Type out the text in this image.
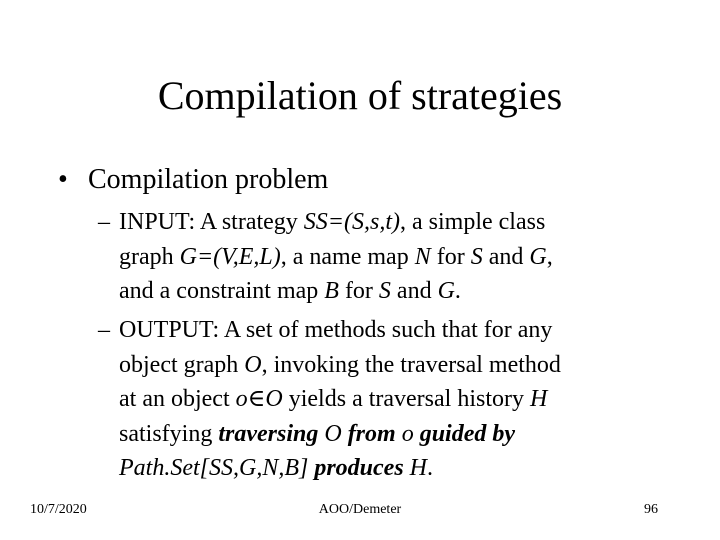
Compilation of strategies
• Compilation problem
– INPUT: A strategy SS=(S,s,t), a simple class
graph G=(V,E,L), a name map N for S and G,
and a constraint map B for S and G.
– OUTPUT: A set of methods such that for any
object graph O, invoking the traversal method
at an object o∈O yields a traversal history H
satisfying traversing O from o guided by
Path.Set[SS,G,N,B] produces H.
10/7/2020	AOO/Demeter	96
